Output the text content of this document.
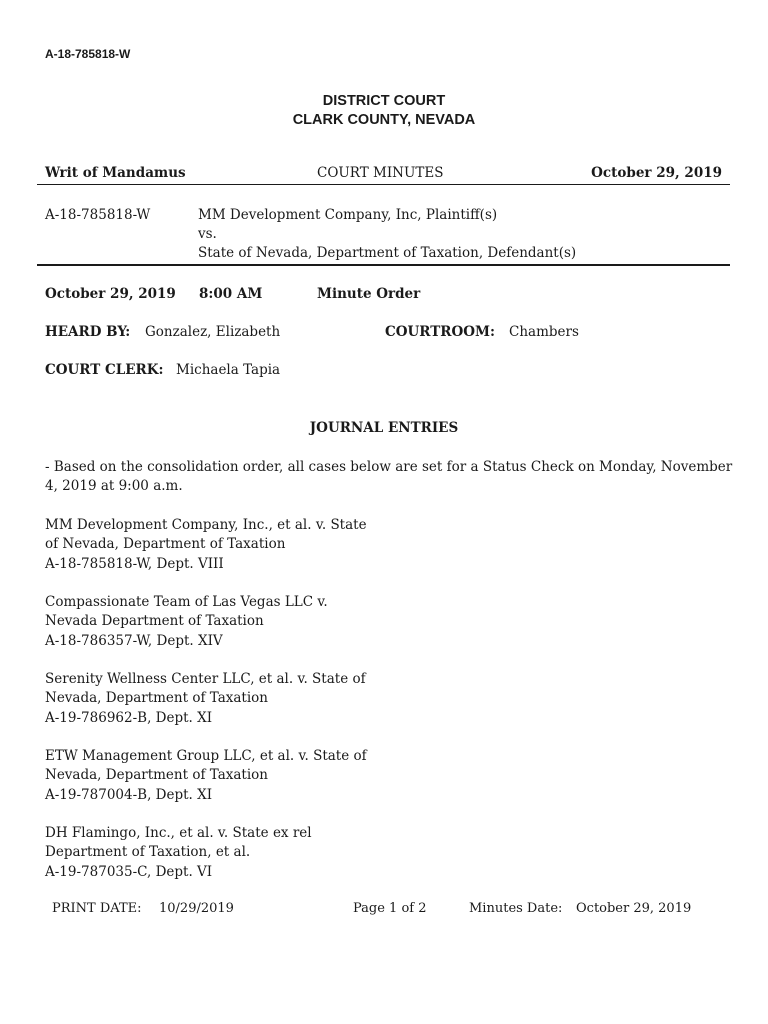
A-18-785818-W
DISTRICT COURT
CLARK COUNTY, NEVADA
Writ of Mandamus	COURT MINUTES	October 29, 2019
A-18-785818-W	MM Development Company, Inc, Plaintiff(s)
vs.
State of Nevada, Department of Taxation, Defendant(s)
October 29, 2019 8:00 AM	Minute Order
HEARD BY: Gonzalez, Elizabeth	COURTROOM: Chambers
COURT CLERK: Michaela Tapia
JOURNAL ENTRIES
- Based on the consolidation order, all cases below are set for a Status Check on Monday, November
4, 2019 at 9:00 a.m.
MM Development Company, Inc., et al. v. State
of Nevada, Department of Taxation
A-18-785818-W, Dept. VIII
Compassionate Team of Las Vegas LLC v.
Nevada Department of Taxation
A-18-786357-W, Dept. XIV
Serenity Wellness Center LLC, et al. v. State of
Nevada, Department of Taxation
A-19-786962-B, Dept. XI
ETW Management Group LLC, et al. v. State of
Nevada, Department of Taxation
A-19-787004-B, Dept. XI
DH Flamingo, Inc., et al. v. State ex rel
Department of Taxation, et al.
A-19-787035-C, Dept. VI
PRINT DATE: 10/29/2019	Page 1 of 2	Minutes Date: October 29, 2019
